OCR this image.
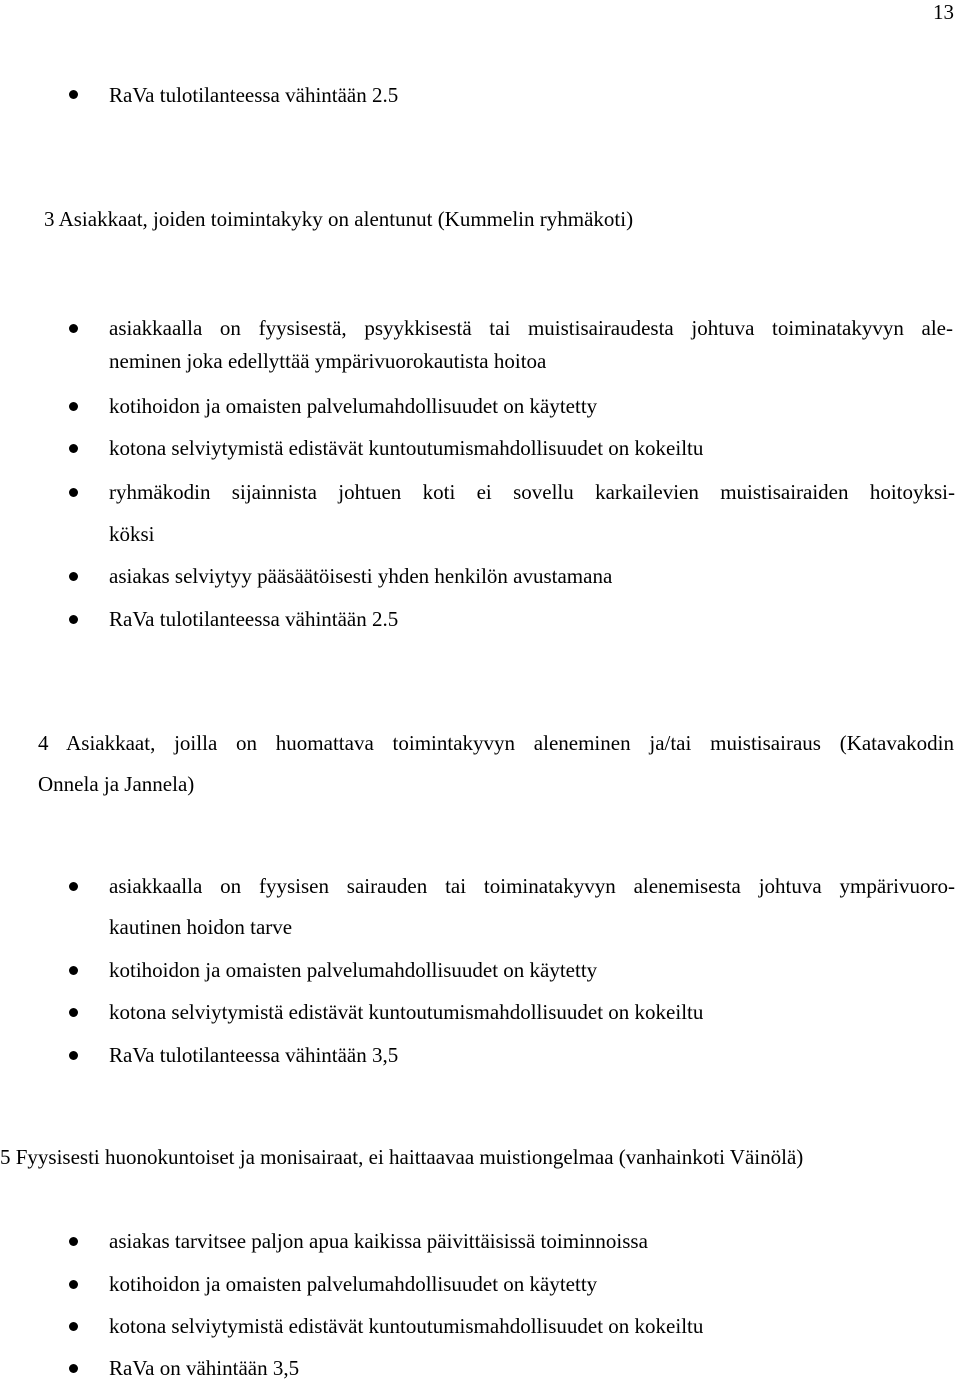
13
RaVa tulotilanteessa vähintään 2.5
3 Asiakkaat, joiden toimintakyky on alentunut (Kummelin ryhmäkoti)
asiakkaalla on fyysisestä, psyykkisestä tai muistisairaudesta johtuva toiminatakyvyn ale-
neminen joka edellyttää ympärivuorokautista hoitoa
kotihoidon ja omaisten palvelumahdollisuudet on käytetty
kotona selviytymistä edistävät kuntoutumismahdollisuudet on kokeiltu
ryhmäkodin sijainnista johtuen koti ei sovellu karkailevien muistisairaiden hoitoyksi-
köksi
asiakas selviytyy pääsäätöisesti yhden henkilön avustamana
RaVa tulotilanteessa vähintään 2.5
4 Asiakkaat, joilla on huomattava toimintakyvyn aleneminen ja/tai muistisairaus (Katavakodin
Onnela ja Jannela)
asiakkaalla on fyysisen sairauden tai toiminatakyvyn alenemisesta johtuva ympärivuoro-
kautinen hoidon tarve
kotihoidon ja omaisten palvelumahdollisuudet on käytetty
kotona selviytymistä edistävät kuntoutumismahdollisuudet on kokeiltu
RaVa tulotilanteessa vähintään 3,5
5 Fyysisesti huonokuntoiset ja monisairaat, ei haittaavaa muistiongelmaa (vanhainkoti Väinölä)
asiakas tarvitsee paljon apua kaikissa päivittäisissä toiminnoissa
kotihoidon ja omaisten palvelumahdollisuudet on käytetty
kotona selviytymistä edistävät kuntoutumismahdollisuudet on kokeiltu
RaVa on vähintään 3,5
